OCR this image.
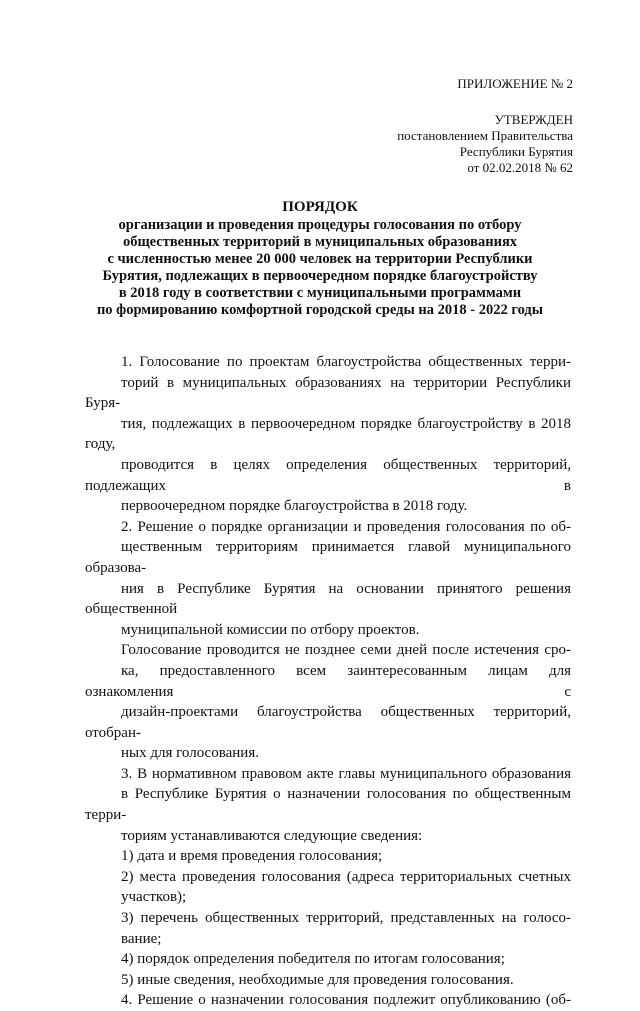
ПРИЛОЖЕНИЕ № 2
УТВЕРЖДЕН
постановлением Правительства
Республики Бурятия
от 02.02.2018 № 62
ПОРЯДОК
организации и проведения процедуры голосования по отбору
общественных территорий в муниципальных образованиях
с численностью менее 20 000 человек на территории Республики
Бурятия, подлежащих в первоочередном порядке благоустройству
в 2018 году в соответствии с муниципальными программами
по формированию комфортной городской среды на 2018 - 2022 годы

1. Голосование по проектам благоустройства общественных терри-
торий в муниципальных образованиях на территории Республики Буря-
тия, подлежащих в первоочередном порядке благоустройству в 2018 году,
проводится в целях определения общественных территорий, подлежащих в
первоочередном порядке благоустройства в 2018 году.

2. Решение о порядке организации и проведения голосования по об-
щественным территориям принимается главой муниципального образова-
ния в Республике Бурятия на основании принятого решения общественной
муниципальной комиссии по отбору проектов.

Голосование проводится не позднее семи дней после истечения сро-
ка, предоставленного всем заинтересованным лицам для ознакомления с
дизайн-проектами благоустройства общественных территорий, отобран-
ных для голосования.

3. В нормативном правовом акте главы муниципального образования
в Республике Бурятия о назначении голосования по общественным терри-
ториям устанавливаются следующие сведения:

1) дата и время проведения голосования;

2) места проведения голосования (адреса территориальных счетных
участков);

3) перечень общественных территорий, представленных на голосо-
вание;

4) порядок определения победителя по итогам голосования;

5) иные сведения, необходимые для проведения голосования.

4. Решение о назначении голосования подлежит опубликованию (об-
